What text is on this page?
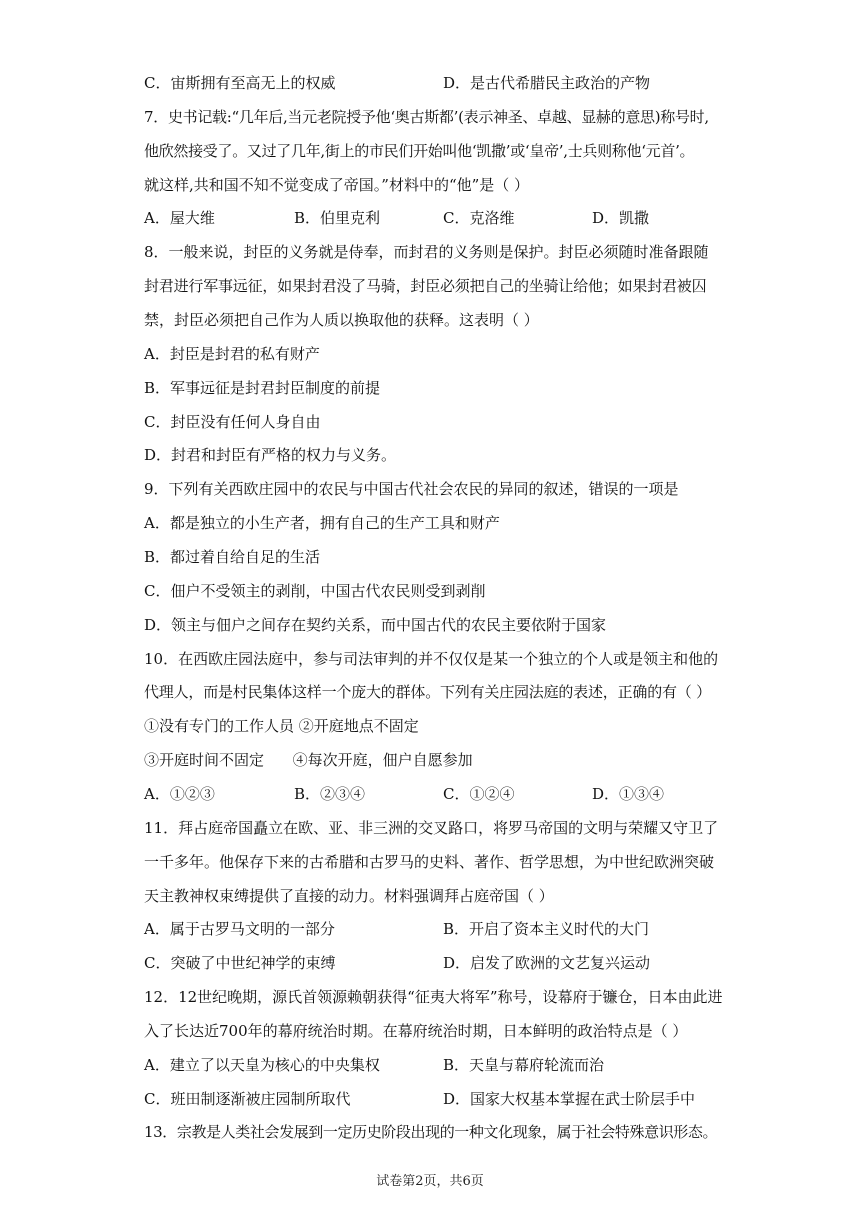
C．宙斯拥有至高无上的权威	D．是古代希腊民主政治的产物
7．史书记载:“几年后,当元老院授予他‘奥古斯都’(表示神圣、卓越、显赫的意思)称号时,
他欣然接受了。又过了几年,街上的市民们开始叫他‘凯撒’或‘皇帝’,士兵则称他‘元首’。
就这样,共和国不知不觉变成了帝国。”材料中的“他”是（ ）
A．屋大维	B．伯里克利	C．克洛维	D．凯撒
8．一般来说，封臣的义务就是侍奉，而封君的义务则是保护。封臣必须随时准备跟随
封君进行军事远征，如果封君没了马骑，封臣必须把自己的坐骑让给他；如果封君被囚
禁，封臣必须把自己作为人质以换取他的获释。这表明（ ）
A．封臣是封君的私有财产
B．军事远征是封君封臣制度的前提
C．封臣没有任何人身自由
D．封君和封臣有严格的权力与义务。
9．下列有关西欧庄园中的农民与中国古代社会农民的异同的叙述，错误的一项是
A．都是独立的小生产者，拥有自己的生产工具和财产
B．都过着自给自足的生活
C．佃户不受领主的剥削，中国古代农民则受到剥削
D．领主与佃户之间存在契约关系，而中国古代的农民主要依附于国家
10．在西欧庄园法庭中，参与司法审判的并不仅仅是某一个独立的个人或是领主和他的
代理人，而是村民集体这样一个庞大的群体。下列有关庄园法庭的表述，正确的有（ ）
①没有专门的工作人员 ②开庭地点不固定
③开庭时间不固定      ④每次开庭，佃户自愿参加
A．①②③	B．②③④	C．①②④	D．①③④
11．拜占庭帝国矗立在欧、亚、非三洲的交叉路口，将罗马帝国的文明与荣耀又守卫了
一千多年。他保存下来的古希腊和古罗马的史料、著作、哲学思想，为中世纪欧洲突破
天主教神权束缚提供了直接的动力。材料强调拜占庭帝国（ ）
A．属于古罗马文明的一部分	B．开启了资本主义时代的大门
C．突破了中世纪神学的束缚	D．启发了欧洲的文艺复兴运动
12．12世纪晚期，源氏首领源赖朝获得“征夷大将军”称号，设幕府于镰仓，日本由此进
入了长达近700年的幕府统治时期。在幕府统治时期，日本鲜明的政治特点是（ ）
A．建立了以天皇为核心的中央集权	B．天皇与幕府轮流而治
C．班田制逐渐被庄园制所取代	D．国家大权基本掌握在武士阶层手中
13．宗教是人类社会发展到一定历史阶段出现的一种文化现象，属于社会特殊意识形态。
试卷第2页，共6页
